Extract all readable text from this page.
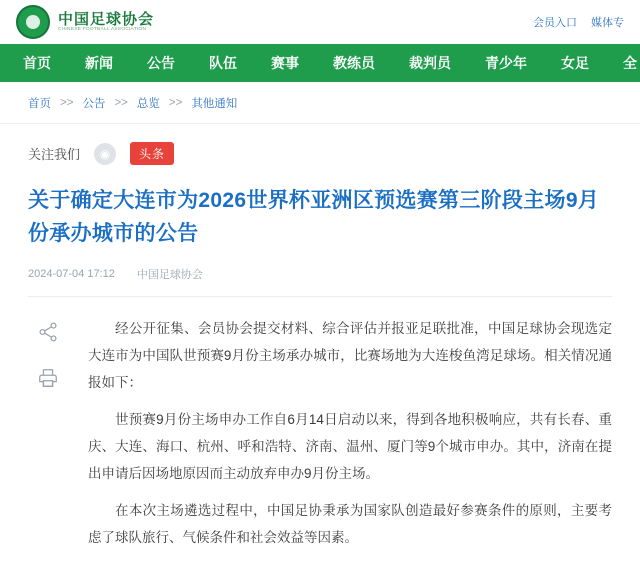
中国足球协会
CHINESE FOOTBALL ASSOCIATION
会员入口 媒体专
首页	新闻	公告	队伍	赛事	教练员	裁判员	青少年	女足	全
首页 >> 公告 >> 总览 >> 其他通知
关注我们	◉	头条
关于确定大连市为2026世界杯亚洲区预选赛第三阶段主场9月份承办城市的公告
2024-07-04 17:12 中国足球协会

经公开征集、会员协会提交材料、综合评估并报亚足联批准，中国足球协会现选定大连市为中国队世预赛9月份主场承办城市，比赛场地为大连梭鱼湾足球场。相关情况通报如下：

世预赛9月份主场申办工作自6月14日启动以来，得到各地积极响应，共有长春、重庆、大连、海口、杭州、呼和浩特、济南、温州、厦门等9个城市申办。其中，济南在提出申请后因场地原因而主动放弃申办9月份主场。

在本次主场遴选过程中，中国足协秉承为国家队创造最好参赛条件的原则，主要考虑了球队旅行、气候条件和社会效益等因素。
